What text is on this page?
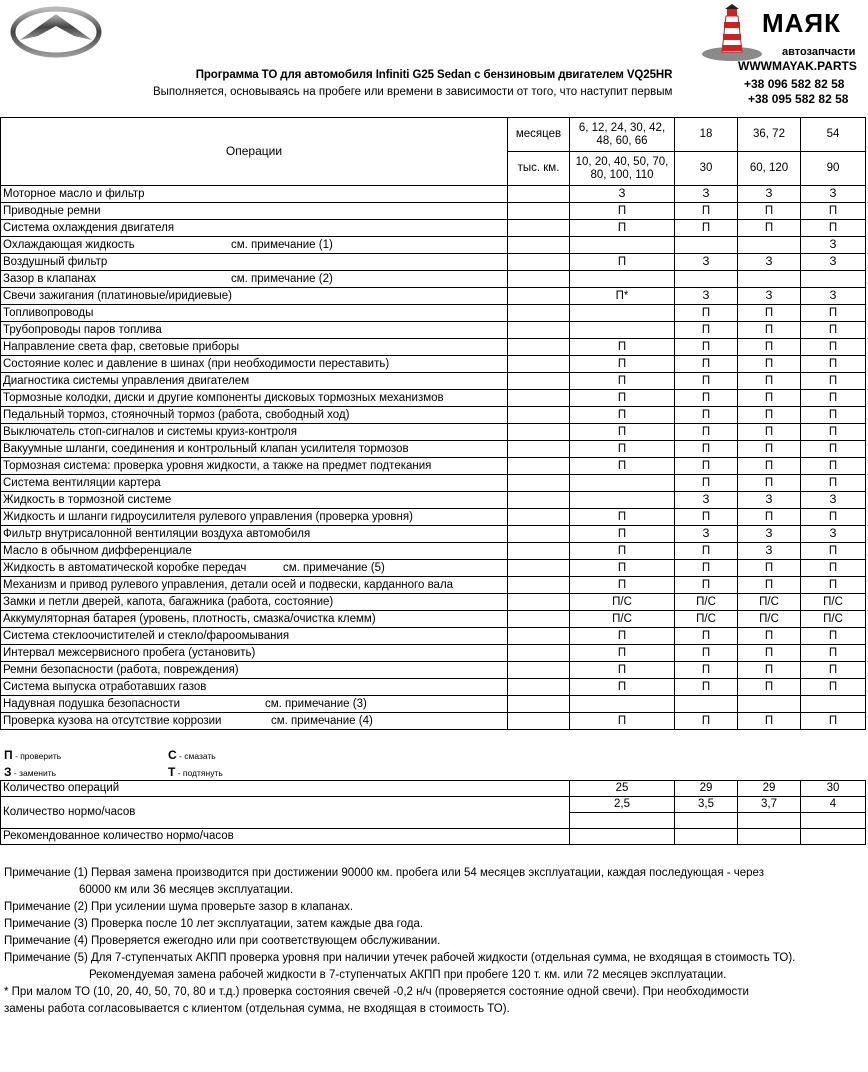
Программа ТО для автомобиля Infiniti G25 Sedan с бензиновым двигателем VQ25HR
Выполняется, основываясь на пробеге или времени в зависимости от того, что наступит первым
МАЯК
автозапчасти
WWWMAYAK.PARTS
+38 096 582 82 58
+38 095 582 82 58
Операции	месяцев	6, 12, 24, 30, 42, 48, 60, 66	18	36, 72	54
	тыс. км.	10, 20, 40, 50, 70, 80, 100, 110	30	60, 120	90
Моторное масло и фильтр		З	З	З	З
Приводные ремни		П	П	П	П
Система охлаждения двигателя		П	П	П	П
Охлаждающая жидкость см. примечание (1)					З
Воздушный фильтр		П	З	З	З
Зазор в клапанах см. примечание (2)					

Свечи зажигания (платиновые/иридиевые)		П*	З	З	З
Топливопроводы			П	П	П
Трубопроводы паров топлива			П	П	П
Направление света фар, световые приборы		П	П	П	П
Состояние колес и давление в шинах (при необходимости переставить)		П	П	П	П
Диагностика системы управления двигателем		П	П	П	П
Тормозные колодки, диски и другие компоненты дисковых тормозных механизмов		П	П	П	П
Педальный тормоз, стояночный тормоз (работа, свободный ход)		П	П	П	П
Выключатель стоп-сигналов и системы круиз-контроля		П	П	П	П
Вакуумные шланги, соединения и контрольный клапан усилителя тормозов		П	П	П	П
Тормозная система: проверка уровня жидкости, а также на предмет подтекания		П	П	П	П
Система вентиляции картера			П	П	П
Жидкость в тормозной системе			З	З	З
Жидкость и шланги гидроусилителя рулевого управления (проверка уровня)		П	П	П	П
Фильтр внутрисалонной вентиляции воздуха автомобиля		П	З	З	З
Масло в обычном дифференциале		П	П	З	П
Жидкость в автоматической коробке передач см. примечание (5)		П	П	П	П
Механизм и привод рулевого управления, детали осей и подвески, карданного вала		П	П	П	П
Замки и петли дверей, капота, багажника (работа, состояние)		П/С	П/С	П/С	П/С
Аккумуляторная батарея (уровень, плотность, смазка/очистка клемм)		П/С	П/С	П/С	П/С
Система стеклоочистителей и стекло/фароомывания		П	П	П	П
Интервал межсервисного пробега (установить)		П	П	П	П
Ремни безопасности (работа, повреждения)		П	П	П	П
Система выпуска отработавших газов		П	П	П	П
Надувная подушка безопасности см. примечание (3)					

Проверка кузова на отсутствие коррозии см. примечание (4)		П	П	П	П
П - проверить
З - заменить
С - смазать
Т - подтянуть
Количество операций	25	29	29	30
Количество нормо/часов	2,5	3,5	3,7	4

Рекомендованное количество нормо/часов				
Примечание (1) Первая замена производится при достижении 90000 км. пробега или 54 месяцев эксплуатации, каждая последующая - через
60000 км или 36 месяцев эксплуатации.
Примечание (2) При усилении шума проверьте зазор в клапанах.
Примечание (3) Проверка после 10 лет эксплуатации, затем каждые два года.
Примечание (4) Проверяется ежегодно или при соответствующем обслуживании.
Примечание (5) Для 7-ступенчатых АКПП проверка уровня при наличии утечек рабочей жидкости (отдельная сумма, не входящая в стоимость ТО).
Рекомендуемая замена рабочей жидкости в 7-ступенчатых АКПП при пробеге 120 т. км. или 72 месяцев эксплуатации.
* При малом ТО (10, 20, 40, 50, 70, 80 и т.д.) проверка состояния свечей -0,2 н/ч (проверяется состояние одной свечи). При необходимости
замены работа согласовывается с клиентом (отдельная сумма, не входящая в стоимость ТО).
